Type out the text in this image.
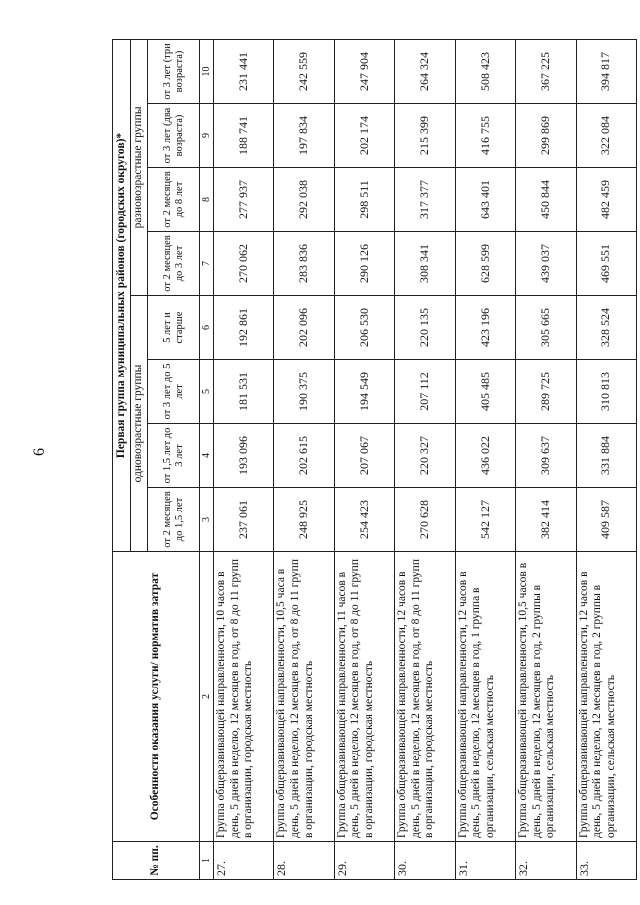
6
№ пп.	Особенности оказания услуги/ норматив затрат	Первая группа муниципальных районов (городских округов)*							
		одновозрастные группы				разновозрастные группы			
		от 2 месяцев до 1,5 лет	от 1,5 лет до 3 лет	от 3 лет до 5 лет	5 лет и старше	от 2 месяцев до 3 лет	от 2 месяцев до 8 лет	от 3 лет (два возраста)	от 3 лет (три возраста)
1	2	3	4	5	6	7	8	9	10
27.	Группа общеразвивающей направленности, 10 часов в день, 5 дней в неделю, 12 месяцев в год, от 8 до 11 групп в организации, городская местность	237 061	193 096	181 531	192 861	270 062	277 937	188 741	231 441
28.	Группа общеразвивающей направленности, 10,5 часа в день, 5 дней в неделю, 12 месяцев в год, от 8 до 11 групп в организации, городская местность	248 925	202 615	190 375	202 096	283 836	292 038	197 834	242 559
29.	Группа общеразвивающей направленности, 11 часов в день, 5 дней в неделю, 12 месяцев в год, от 8 до 11 групп в организации, городская местность	254 423	207 067	194 549	206 530	290 126	298 511	202 174	247 904
30.	Группа общеразвивающей направленности, 12 часов в день, 5 дней в неделю, 12 месяцев в год, от 8 до 11 групп в организации, городская местность	270 628	220 327	207 112	220 135	308 341	317 377	215 399	264 324
31.	Группа общеразвивающей направленности, 12 часов в день, 5 дней в неделю, 12 месяцев в год, 1 группа в организации, сельская местность	542 127	436 022	405 485	423 196	628 599	643 401	416 755	508 423
32.	Группа общеразвивающей направленности, 10,5 часов в день, 5 дней в неделю, 12 месяцев в год, 2 группы в организации, сельская местность	382 414	309 637	289 725	305 665	439 037	450 844	299 869	367 225
33.	Группа общеразвивающей направленности, 12 часов в день, 5 дней в неделю, 12 месяцев в год, 2 группы в организации, сельская местность	409 587	331 884	310 813	328 524	469 551	482 459	322 084	394 817
